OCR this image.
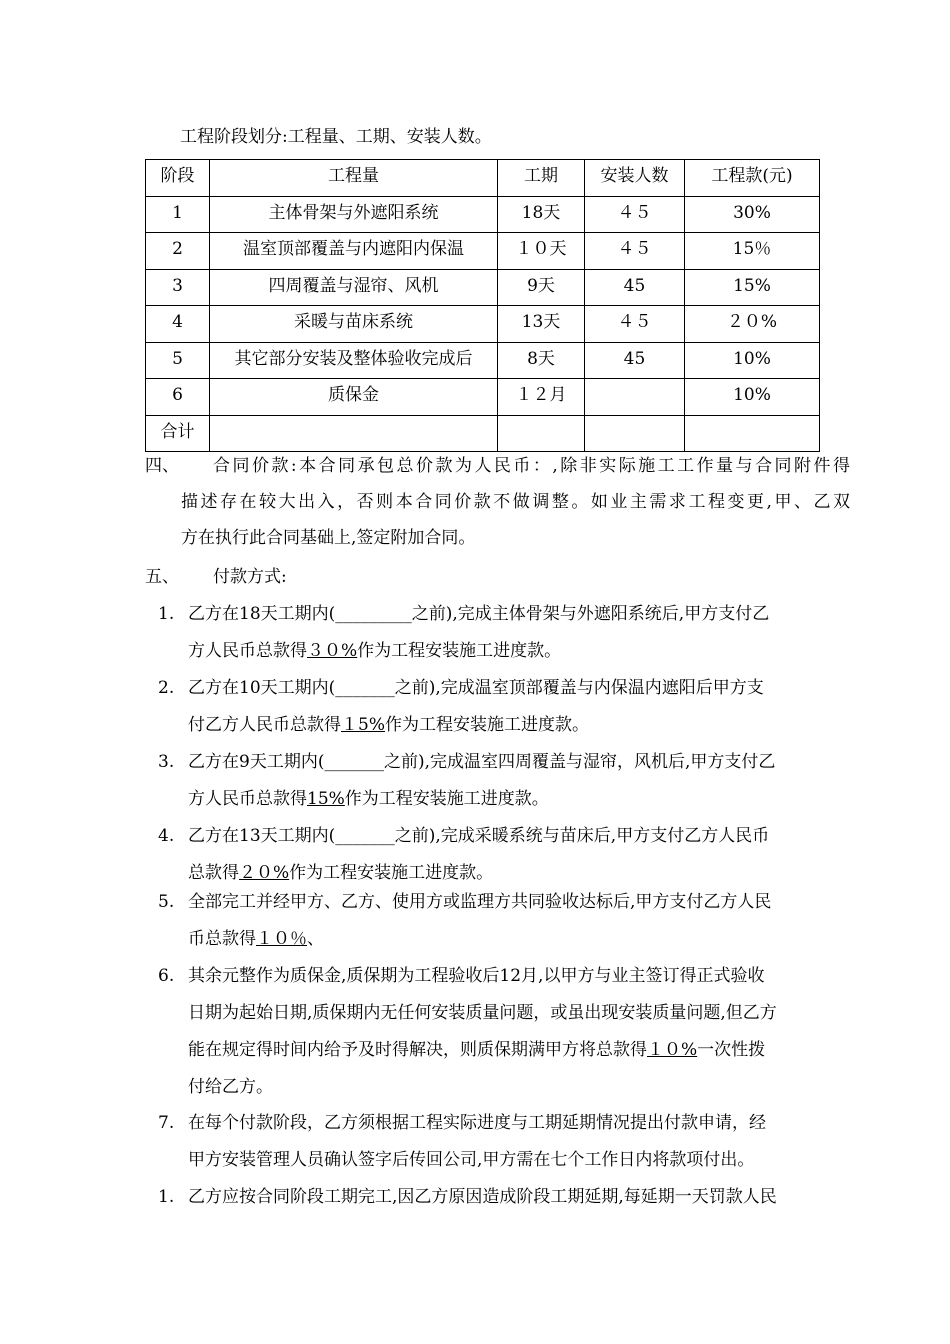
工程阶段划分:工程量、工期、安装人数。
阶段	工程量	工期	安装人数	工程款(元)
1	主体骨架与外遮阳系统	18天	４５	30%
2	温室顶部覆盖与内遮阳内保温	１０天	４５	15％
3	四周覆盖与湿帘、风机	9天	45	15%
4	采暖与苗床系统	13天	４５	２０%
5	其它部分安装及整体验收完成后	8天	45	10%
6	质保金	１２月		10%
合计				
四、	合同价款:本合同承包总价款为人民币：,除非实际施工工作量与合同附件得
描述存在较大出入，否则本合同价款不做调整。如业主需求工程变更,甲、乙双
方在执行此合同基础上,签定附加合同。
五、	付款方式:
1. 乙方在18天工期内(_________之前),完成主体骨架与外遮阳系统后,甲方支付乙
方人民币总款得３０%作为工程安装施工进度款。
2. 乙方在10天工期内(_______之前),完成温室顶部覆盖与内保温内遮阳后甲方支
付乙方人民币总款得１5%作为工程安装施工进度款。
3. 乙方在9天工期内(_______之前),完成温室四周覆盖与湿帘，风机后,甲方支付乙
方人民币总款得15%作为工程安装施工进度款。
4. 乙方在13天工期内(_______之前),完成采暖系统与苗床后,甲方支付乙方人民币
总款得２０%作为工程安装施工进度款。
5. 全部完工并经甲方、乙方、使用方或监理方共同验收达标后,甲方支付乙方人民
币总款得１０％、
6. 其余元整作为质保金,质保期为工程验收后12月,以甲方与业主签订得正式验收
日期为起始日期,质保期内无任何安装质量问题，或虽出现安装质量问题,但乙方
能在规定得时间内给予及时得解决，则质保期满甲方将总款得１０%一次性拨
付给乙方。
7. 在每个付款阶段，乙方须根据工程实际进度与工期延期情况提出付款申请，经
甲方安装管理人员确认签字后传回公司,甲方需在七个工作日内将款项付出。
1. 乙方应按合同阶段工期完工,因乙方原因造成阶段工期延期,每延期一天罚款人民
